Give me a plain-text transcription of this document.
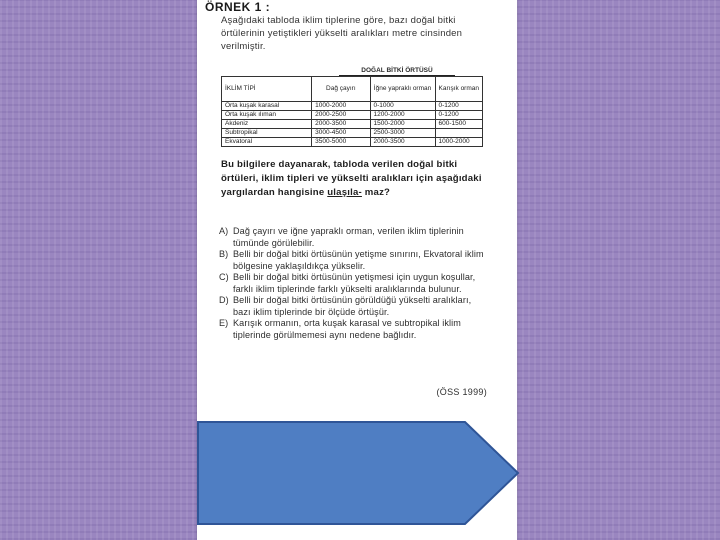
ÖRNEK 1 :
Aşağıdaki tabloda iklim tiplerine göre, bazı doğal bitki örtülerinin yetiştikleri yükselti aralıkları metre cinsinden verilmiştir.
DOĞAL BİTKİ ÖRTÜSÜ
İKLİM TİPİ	Dağ çayırı	İğne yapraklı orman	Karışık orman
Orta kuşak karasal	1000-2000	0-1000	0-1200
Orta kuşak ılıman	2000-2500	1200-2000	0-1200
Akdeniz	2000-3500	1500-2000	600-1500
Subtropikal	3000-4500	2500-3000	
Ekvatoral	3500-5000	2000-3500	1000-2000
Bu bilgilere dayanarak, tabloda verilen doğal bitki örtüleri, iklim tipleri ve yükselti aralıkları için aşağıdaki yargılardan hangisine ulaşıla- maz?
A) Dağ çayırı ve iğne yapraklı orman, verilen iklim tiplerinin tümünde görülebilir.
B) Belli bir doğal bitki örtüsünün yetişme sınırını, Ekvatoral iklim bölgesine yaklaşıldıkça yükselir.
C) Belli bir doğal bitki örtüsünün yetişmesi için uygun koşullar, farklı iklim tiplerinde farklı yükselti aralıklarında bulunur.
D) Belli bir doğal bitki örtüsünün görüldüğü yükselti aralıkları, bazı iklim tiplerinde bir ölçüde örtüşür.
E) Karışık ormanın, orta kuşak karasal ve subtropikal iklim tiplerinde görülmemesi aynı nedene bağlıdır.
(ÖSS 1999)
